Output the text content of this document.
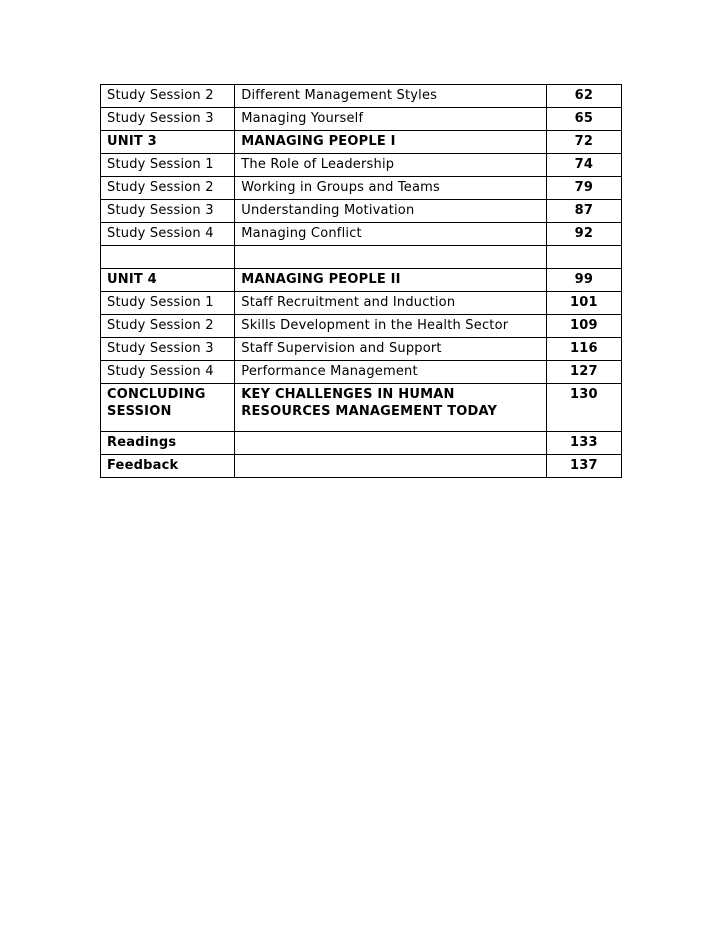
Study Session 2	Different Management Styles	62
Study Session 3	Managing Yourself	65
UNIT 3	MANAGING PEOPLE I	72
Study Session 1	The Role of Leadership	74
Study Session 2	Working in Groups and Teams	79
Study Session 3	Understanding Motivation	87
Study Session 4	Managing Conflict	92

UNIT 4	MANAGING PEOPLE II	99
Study Session 1	Staff Recruitment and Induction	101
Study Session 2	Skills Development in the Health Sector	109
Study Session 3	Staff Supervision and Support	116
Study Session 4	Performance Management	127
CONCLUDING SESSION	KEY CHALLENGES IN HUMAN RESOURCES MANAGEMENT TODAY	130
Readings		133
Feedback		137
